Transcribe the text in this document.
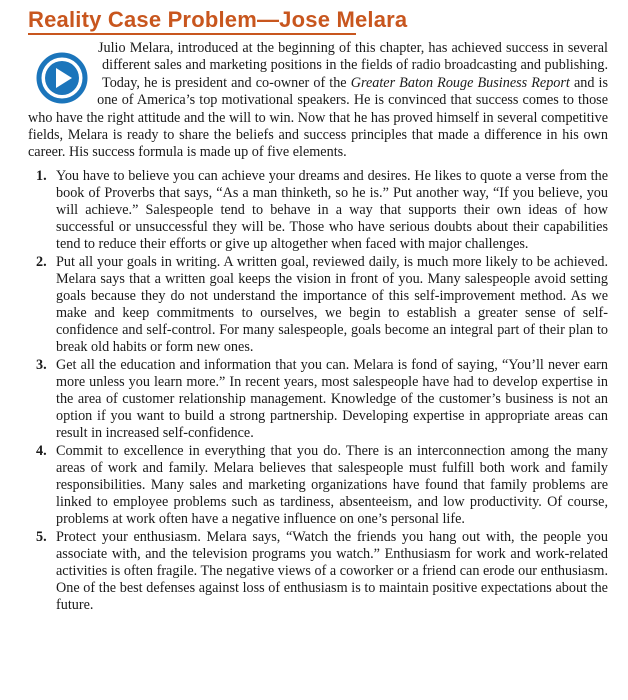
Reality Case Problem—Jose Melara

Julio Melara, introduced at the beginning of this chapter, has achieved success in several different sales and marketing positions in the fields of radio broadcasting and publishing. Today, he is president and co-owner of the Greater Baton Rouge Business Report and is one of America’s top motivational speakers. He is convinced that success comes to those who have the right attitude and the will to win. Now that he has proved himself in several competitive fields, Melara is ready to share the beliefs and success principles that made a difference in his own career. His success formula is made up of five elements.

1. You have to believe you can achieve your dreams and desires. He likes to quote a verse from the book of Proverbs that says, “As a man thinketh, so he is.” Put another way, “If you believe, you will achieve.” Salespeople tend to behave in a way that supports their own ideas of how successful or unsuccessful they will be. Those who have serious doubts about their capabilities tend to reduce their efforts or give up altogether when faced with major challenges.
2. Put all your goals in writing. A written goal, reviewed daily, is much more likely to be achieved. Melara says that a written goal keeps the vision in front of you. Many salespeople avoid setting goals because they do not understand the importance of this self-improvement method. As we make and keep commitments to ourselves, we begin to establish a greater sense of self-confidence and self-control. For many salespeople, goals become an integral part of their plan to break old habits or form new ones.
3. Get all the education and information that you can. Melara is fond of saying, “You’ll never earn more unless you learn more.” In recent years, most salespeople have had to develop expertise in the area of customer relationship management. Knowledge of the customer’s business is not an option if you want to build a strong partnership. Developing expertise in appropriate areas can result in increased self-confidence.
4. Commit to excellence in everything that you do. There is an interconnection among the many areas of work and family. Melara believes that salespeople must fulfill both work and family responsibilities. Many sales and marketing organizations have found that family problems are linked to employee problems such as tardiness, absenteeism, and low productivity. Of course, problems at work often have a negative influence on one’s personal life.
5. Protect your enthusiasm. Melara says, “Watch the friends you hang out with, the people you associate with, and the television programs you watch.” Enthusiasm for work and work-related activities is often fragile. The negative views of a coworker or a friend can erode our enthusiasm. One of the best defenses against loss of enthusiasm is to maintain positive expectations about the future.
